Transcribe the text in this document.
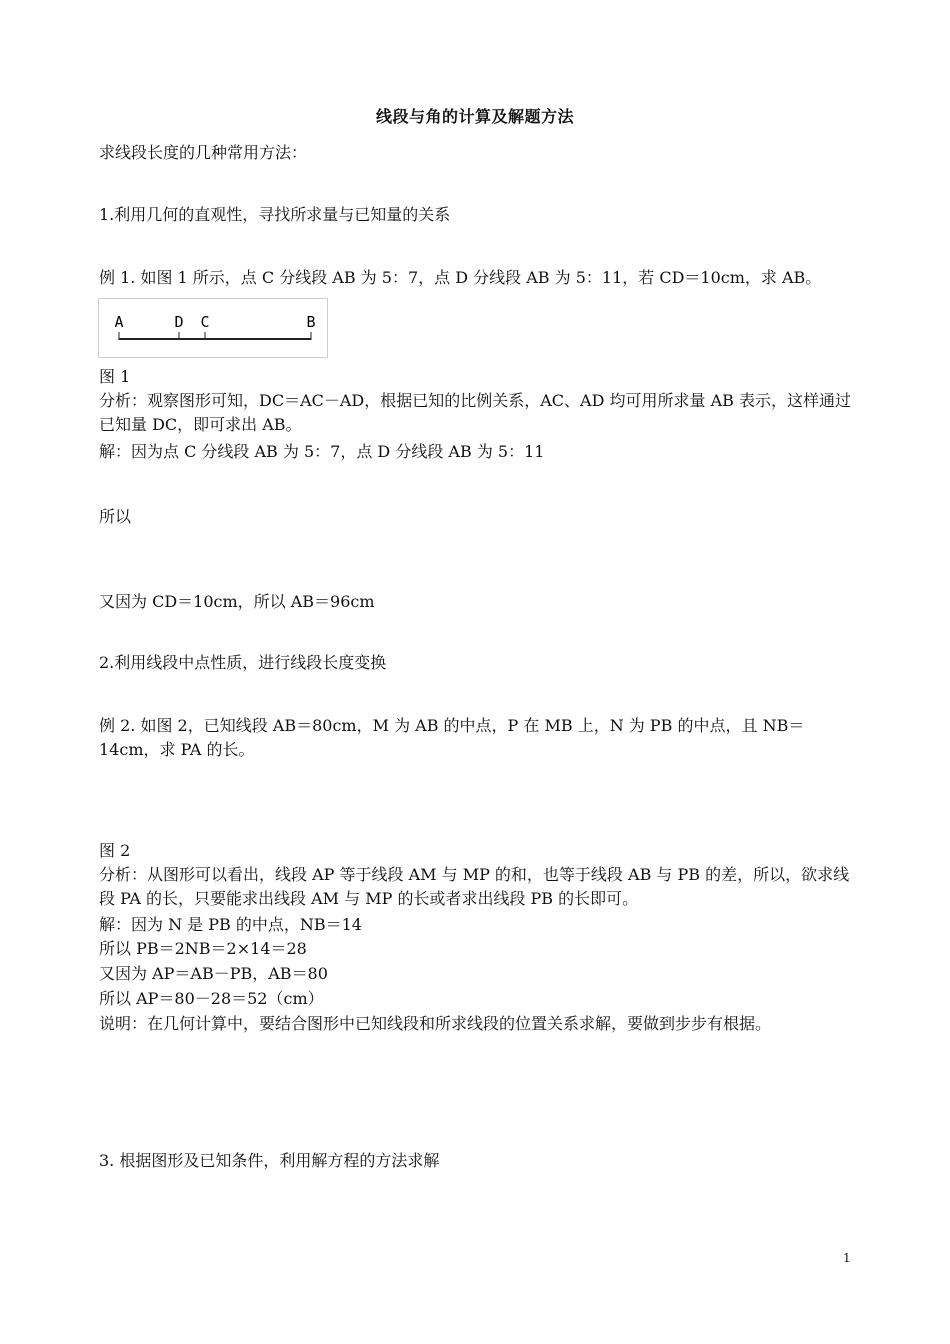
线段与角的计算及解题方法
求线段长度的几种常用方法：
1.利用几何的直观性，寻找所求量与已知量的关系
例 1. 如图 1 所示，点 C 分线段 AB 为 5：7，点 D 分线段 AB 为 5：11，若 CD＝10cm，求 AB。
A	D C	B
图 1
分析：观察图形可知，DC＝AC－AD，根据已知的比例关系，AC、AD 均可用所求量 AB 表示，这样通过已知量 DC，即可求出 AB。
解：因为点 C 分线段 AB 为 5：7，点 D 分线段 AB 为 5：11
所以
又因为 CD＝10cm，所以 AB＝96cm
2.利用线段中点性质，进行线段长度变换
例 2. 如图 2，已知线段 AB＝80cm，M 为 AB 的中点，P 在 MB 上，N 为 PB 的中点，且 NB＝14cm，求 PA 的长。
图 2
分析：从图形可以看出，线段 AP 等于线段 AM 与 MP 的和，也等于线段 AB 与 PB 的差，所以，欲求线段 PA 的长，只要能求出线段 AM 与 MP 的长或者求出线段 PB 的长即可。
解：因为 N 是 PB 的中点，NB＝14
所以 PB＝2NB＝2×14＝28
又因为 AP＝AB－PB，AB＝80
所以 AP＝80－28＝52（cm）
说明：在几何计算中，要结合图形中已知线段和所求线段的位置关系求解，要做到步步有根据。
3. 根据图形及已知条件，利用解方程的方法求解
1
